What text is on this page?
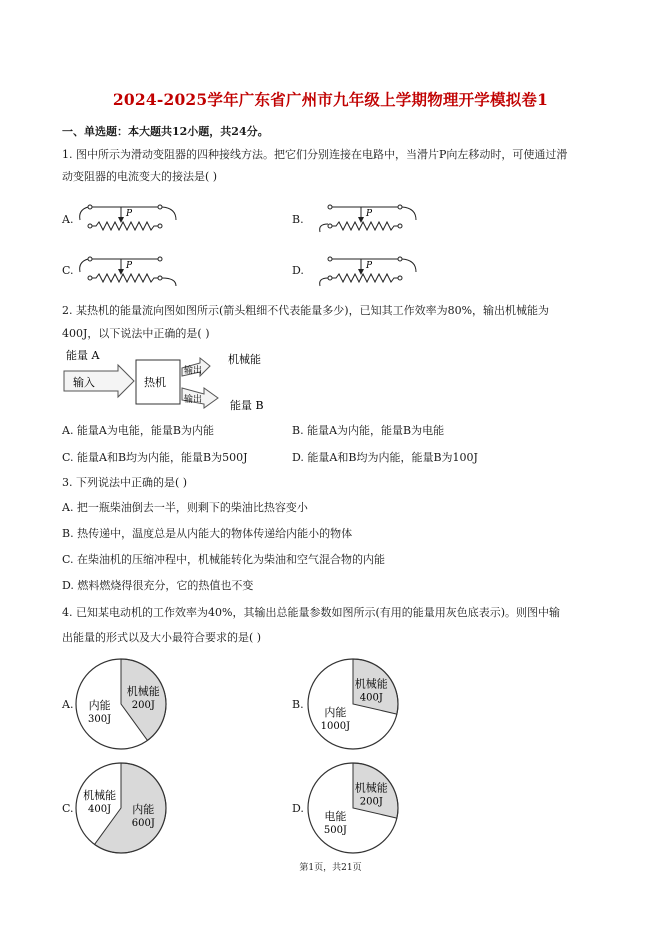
2024-2025学年广东省广州市九年级上学期物理开学模拟卷1
一、单选题：本大题共12小题，共24分。
1. 图中所示为滑动变阻器的四种接线方法。把它们分别连接在电路中，当滑片P向左移动时，可使通过滑
动变阻器的电流变大的接法是( )
A.	B.
C.	D.
P	P
P	P
2. 某热机的能量流向图如图所示(箭头粗细不代表能量多少)，已知其工作效率为80%，输出机械能为
400J，以下说法中正确的是( )
能量 A
输入	热机
输出
输出
机械能
能量 B
A. 能量A为电能，能量B为内能	B. 能量A为内能，能量B为电能
C. 能量A和B均为内能，能量B为500J	D. 能量A和B均为内能，能量B为100J
3. 下列说法中正确的是( )
A. 把一瓶柴油倒去一半，则剩下的柴油比热容变小
B. 热传递中，温度总是从内能大的物体传递给内能小的物体
C. 在柴油机的压缩冲程中，机械能转化为柴油和空气混合物的内能
D. 燃料燃烧得很充分，它的热值也不变
4. 已知某电动机的工作效率为40%，其输出总能量参数如图所示(有用的能量用灰色底表示)。则图中输
出能量的形式以及大小最符合要求的是( )
A.	B.
C.	D.
内能
300J
机械能
200J
内能
1000J
机械能
400J
机械能
400J 内能
600J
电能
500J
机械能
200J
第1页，共21页
